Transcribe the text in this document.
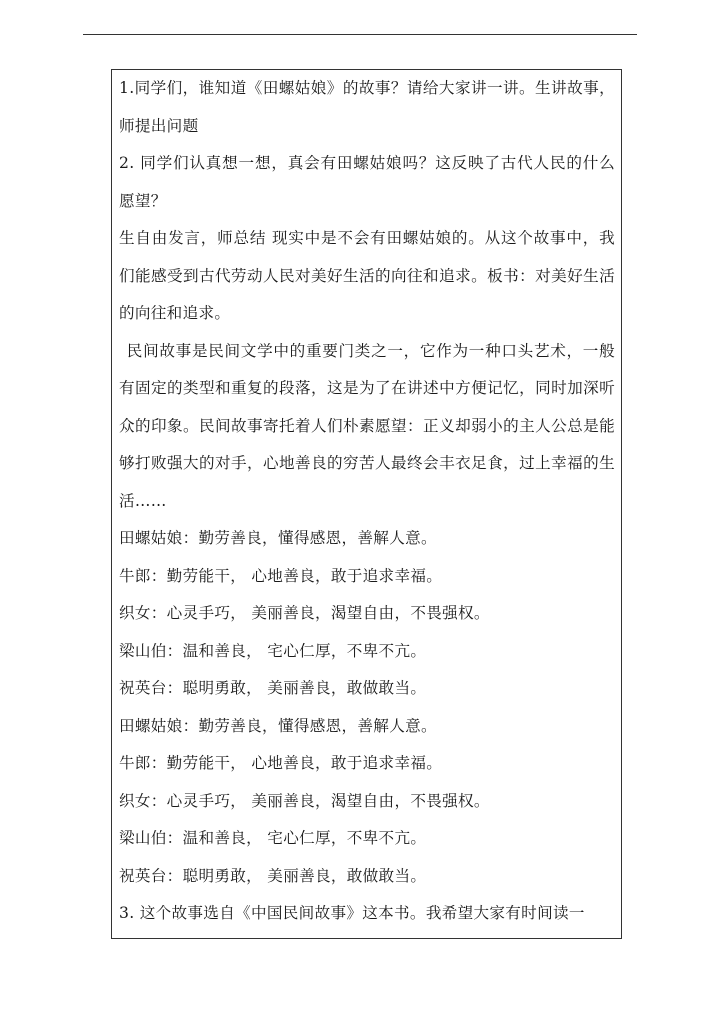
1.同学们，谁知道《田螺姑娘》的故事？请给大家讲一讲。生讲故事，师提出问题

2. 同学们认真想一想，真会有田螺姑娘吗？这反映了古代人民的什么愿望？

生自由发言，师总结 现实中是不会有田螺姑娘的。从这个故事中，我们能感受到古代劳动人民对美好生活的向往和追求。板书：对美好生活的向往和追求。

民间故事是民间文学中的重要门类之一，它作为一种口头艺术，一般有固定的类型和重复的段落，这是为了在讲述中方便记忆，同时加深听众的印象。民间故事寄托着人们朴素愿望：正义却弱小的主人公总是能够打败强大的对手，心地善良的穷苦人最终会丰衣足食，过上幸福的生活……

田螺姑娘：勤劳善良，懂得感恩，善解人意。

牛郎：勤劳能干， 心地善良，敢于追求幸福。

织女：心灵手巧， 美丽善良，渴望自由，不畏强权。

梁山伯：温和善良， 宅心仁厚，不卑不亢。

祝英台：聪明勇敢， 美丽善良，敢做敢当。

田螺姑娘：勤劳善良，懂得感恩，善解人意。

牛郎：勤劳能干， 心地善良，敢于追求幸福。

织女：心灵手巧， 美丽善良，渴望自由，不畏强权。

梁山伯：温和善良， 宅心仁厚，不卑不亢。

祝英台：聪明勇敢， 美丽善良，敢做敢当。

3. 这个故事选自《中国民间故事》这本书。我希望大家有时间读一
